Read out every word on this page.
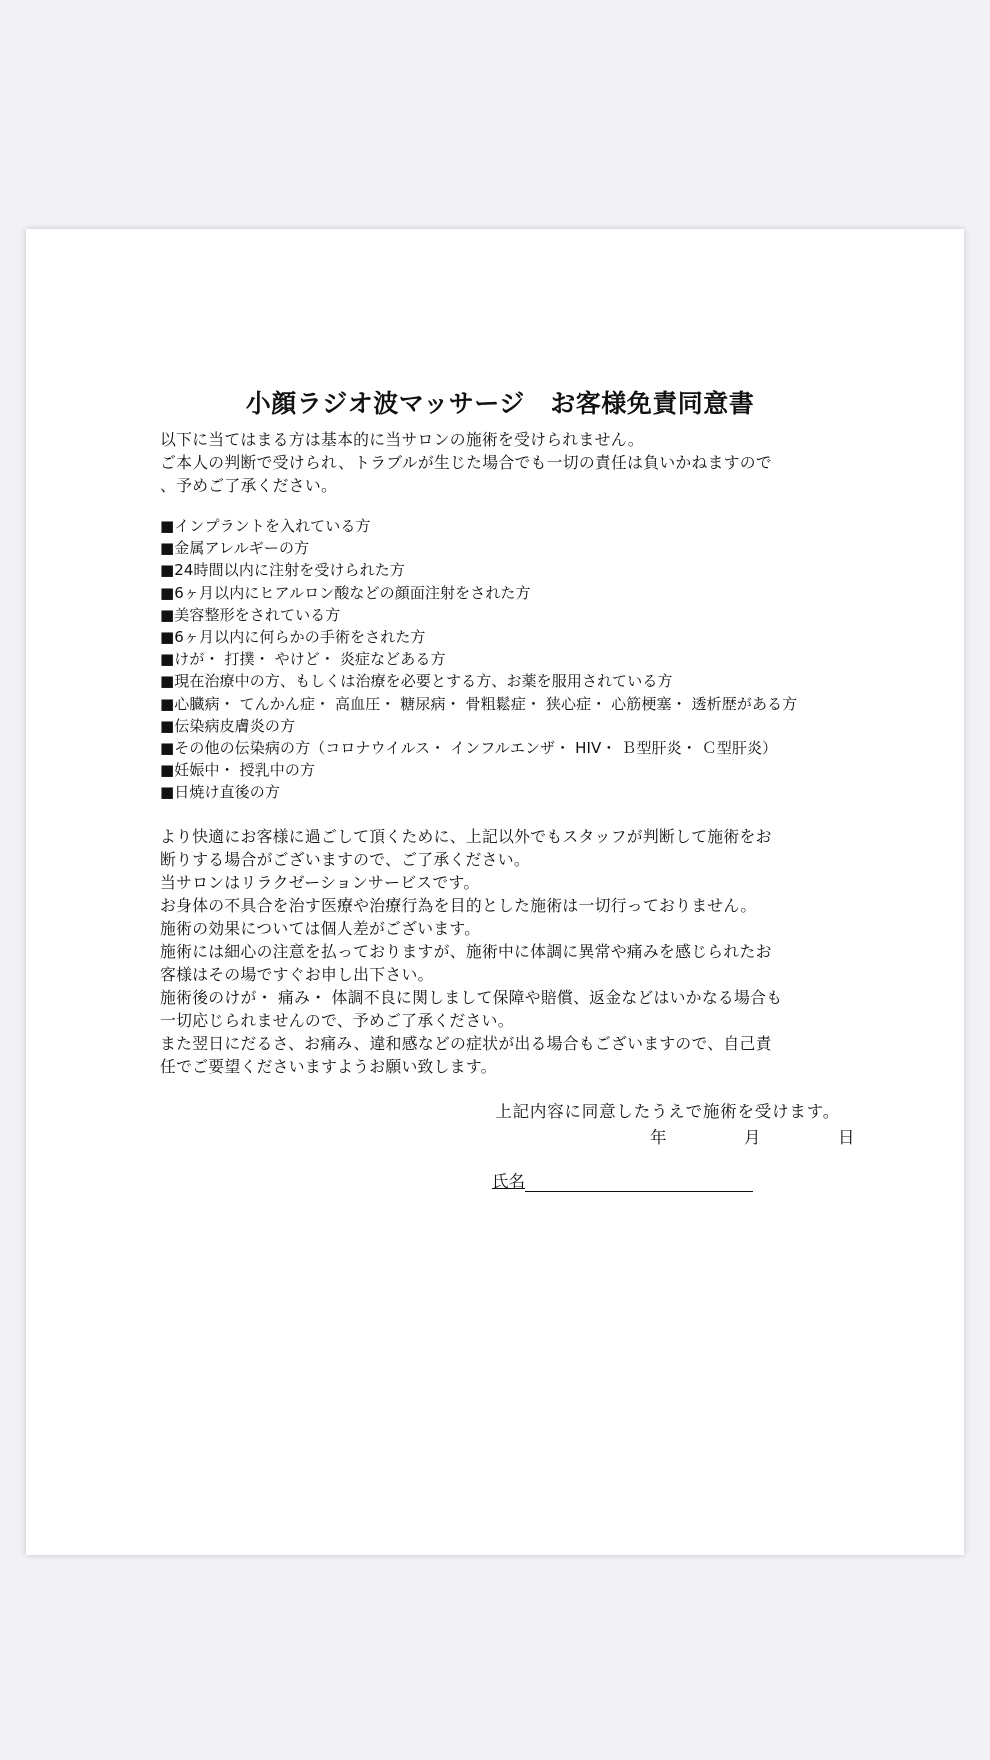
小顔ラジオ波マッサージ　お客様免責同意書

以下に当てはまる方は基本的に当サロンの施術を受けられません。
ご本人の判断で受けられ、トラブルが生じた場合でも一切の責任は負いかねますので
、予めご了承ください。

■インプラントを入れている方
■金属アレルギーの方
■24時間以内に注射を受けられた方
■6ヶ月以内にヒアルロン酸などの顔面注射をされた方
■美容整形をされている方
■6ヶ月以内に何らかの手術をされた方
■けが・ 打撲・ やけど・ 炎症などある方
■現在治療中の方、もしくは治療を必要とする方、お薬を服用されている方
■心臓病・ てんかん症・ 高血圧・ 糖尿病・ 骨粗鬆症・ 狭心症・ 心筋梗塞・ 透析歴がある方
■伝染病皮膚炎の方
■その他の伝染病の方（コロナウイルス・ インフルエンザ・ HIV・ Ｂ型肝炎・ Ｃ型肝炎）
■妊娠中・ 授乳中の方
■日焼け直後の方

より快適にお客様に過ごして頂くために、上記以外でもスタッフが判断して施術をお
断りする場合がございますので、ご了承ください。
当サロンはリラクゼーションサービスです。
お身体の不具合を治す医療や治療行為を目的とした施術は一切行っておりません。
施術の効果については個人差がございます。
施術には細心の注意を払っておりますが、施術中に体調に異常や痛みを感じられたお
客様はその場ですぐお申し出下さい。
施術後のけが・ 痛み・ 体調不良に関しまして保障や賠償、返金などはいかなる場合も
一切応じられませんので、予めご了承ください。
また翌日にだるさ、お痛み、違和感などの症状が出る場合もございますので、自己責
任でご要望くださいますようお願い致します。

上記内容に同意したうえで施術を受けます。
年	月	日
氏名
